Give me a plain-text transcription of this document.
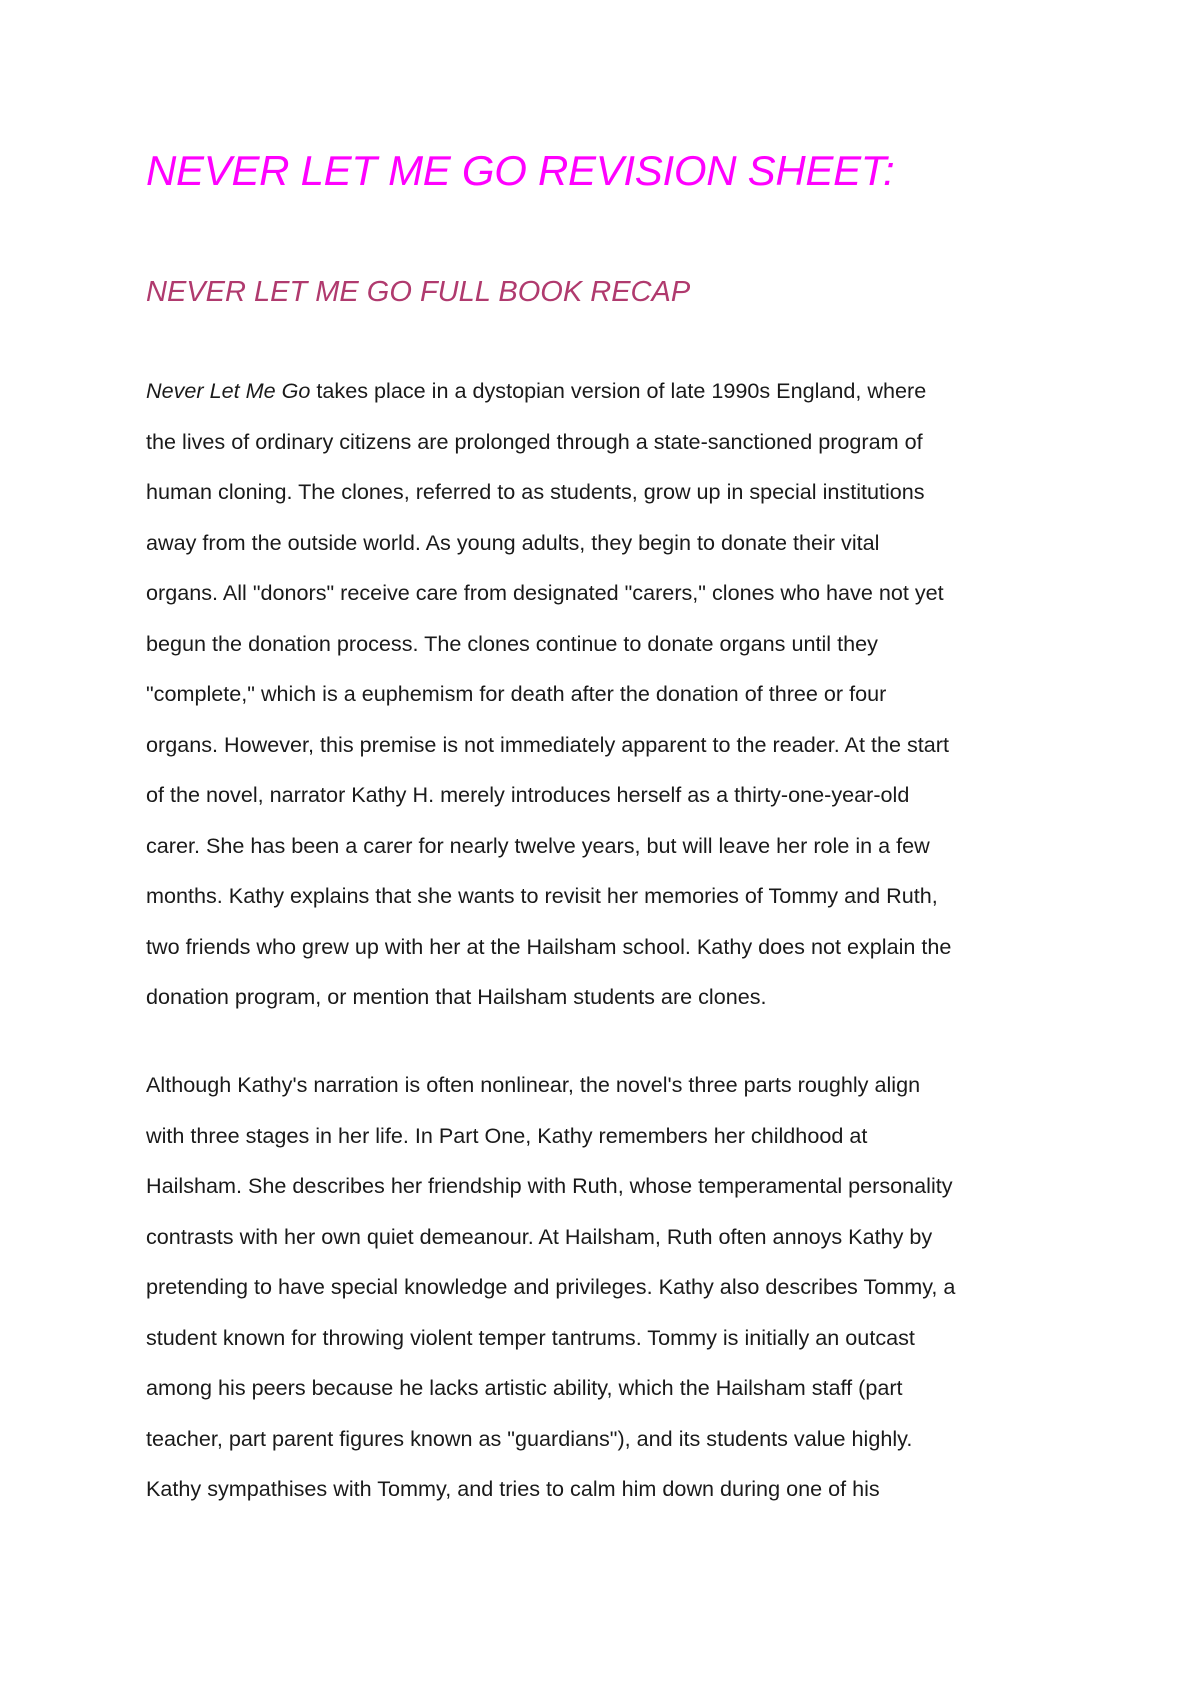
NEVER LET ME GO REVISION SHEET:
NEVER LET ME GO FULL BOOK RECAP

Never Let Me Go takes place in a dystopian version of late 1990s England, where
the lives of ordinary citizens are prolonged through a state-sanctioned program of
human cloning. The clones, referred to as students, grow up in special institutions
away from the outside world. As young adults, they begin to donate their vital
organs. All "donors" receive care from designated "carers," clones who have not yet
begun the donation process. The clones continue to donate organs until they
"complete," which is a euphemism for death after the donation of three or four
organs. However, this premise is not immediately apparent to the reader. At the start
of the novel, narrator Kathy H. merely introduces herself as a thirty-one-year-old
carer. She has been a carer for nearly twelve years, but will leave her role in a few
months. Kathy explains that she wants to revisit her memories of Tommy and Ruth,
two friends who grew up with her at the Hailsham school. Kathy does not explain the
donation program, or mention that Hailsham students are clones.

Although Kathy's narration is often nonlinear, the novel's three parts roughly align
with three stages in her life. In Part One, Kathy remembers her childhood at
Hailsham. She describes her friendship with Ruth, whose temperamental personality
contrasts with her own quiet demeanour. At Hailsham, Ruth often annoys Kathy by
pretending to have special knowledge and privileges. Kathy also describes Tommy, a
student known for throwing violent temper tantrums. Tommy is initially an outcast
among his peers because he lacks artistic ability, which the Hailsham staff (part
teacher, part parent figures known as "guardians"), and its students value highly.
Kathy sympathises with Tommy, and tries to calm him down during one of his
